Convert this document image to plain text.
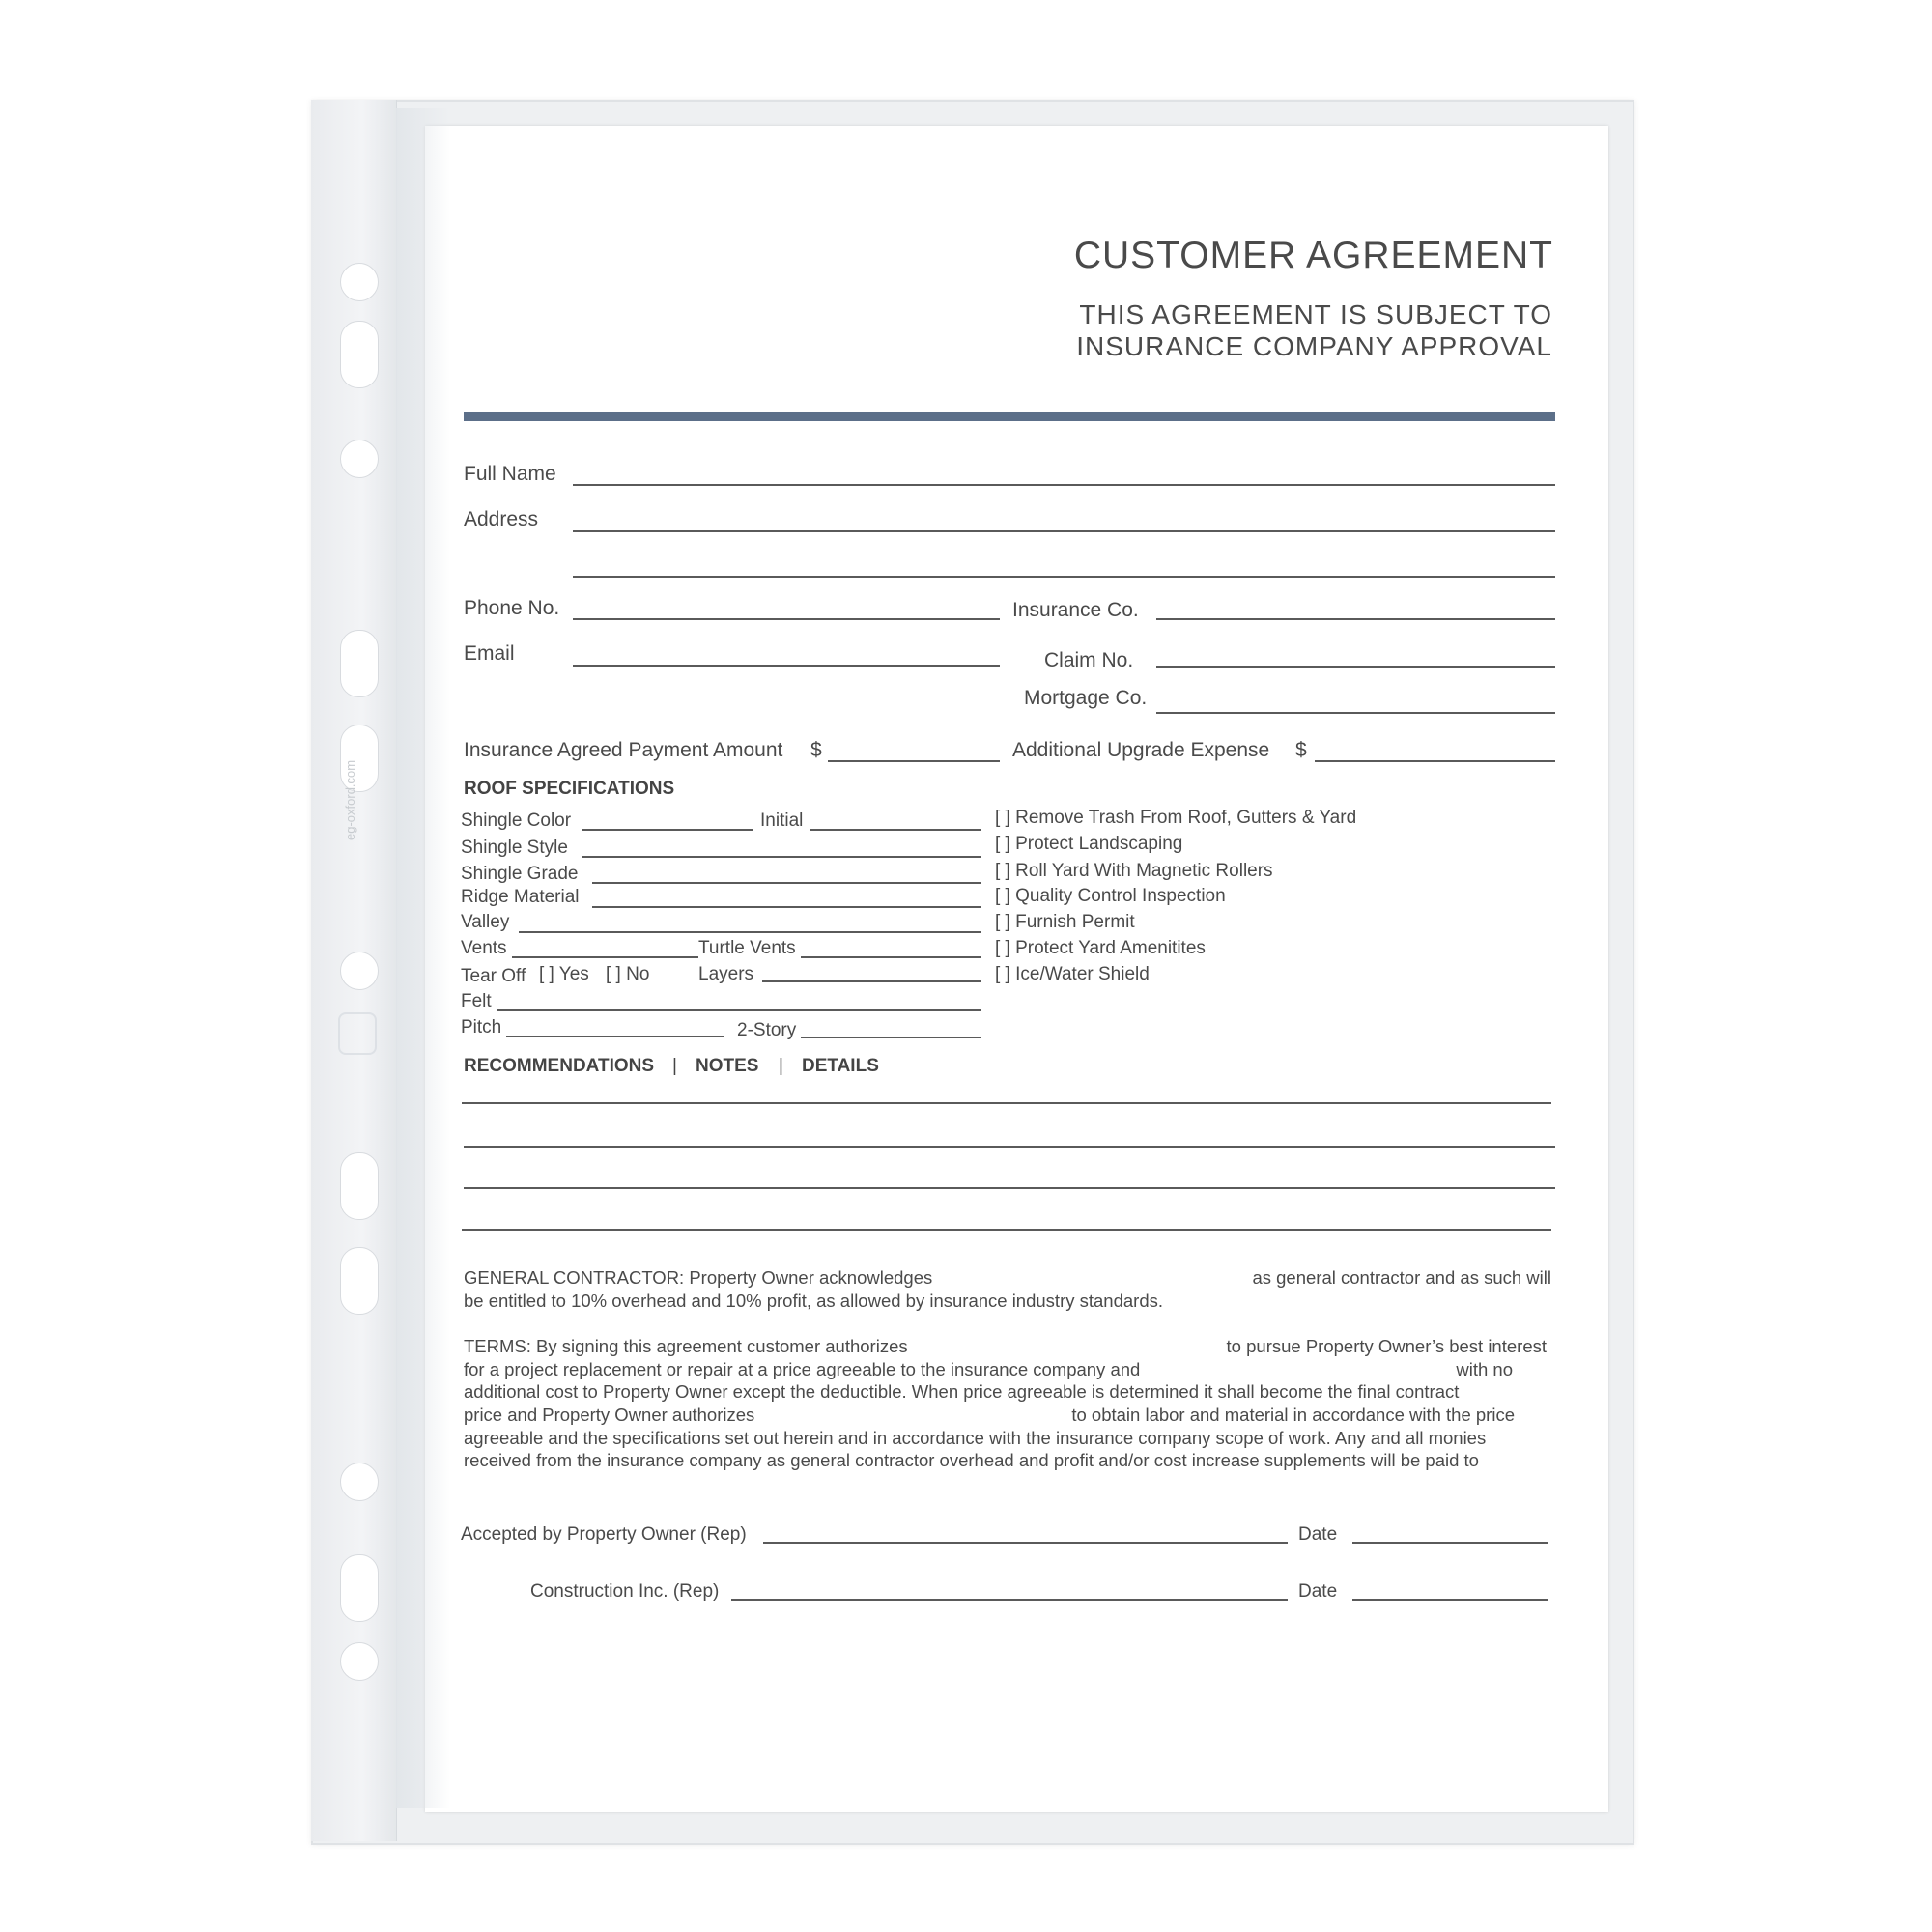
eg-oxford.com
CUSTOMER AGREEMENT
THIS AGREEMENT IS SUBJECT TO
INSURANCE COMPANY APPROVAL
Full Name
Address
Phone No.	Insurance Co.
Email	Claim No.
Mortgage Co.
Insurance Agreed Payment Amount $	Additional Upgrade Expense $
ROOF SPECIFICATIONS
Shingle Color	Initial
Shingle Style
Shingle Grade
Ridge Material
Valley
Vents	Turtle Vents
Tear Off [ ] Yes [ ] No	Layers
Felt
Pitch	2-Story
[ ] Remove Trash From Roof, Gutters & Yard
[ ] Protect Landscaping
[ ] Roll Yard With Magnetic Rollers
[ ] Quality Control Inspection
[ ] Furnish Permit
[ ] Protect Yard Amenitites
[ ] Ice/Water Shield
RECOMMENDATIONS | NOTES | DETAILS
GENERAL CONTRACTOR: Property Owner acknowledges	as general contractor and as such will
be entitled to 10% overhead and 10% profit, as allowed by insurance industry standards.
TERMS: By signing this agreement customer authorizes	to pursue Property Owner’s best interest
for a project replacement or repair at a price agreeable to the insurance company and	with no
additional cost to Property Owner except the deductible. When price agreeable is determined it shall become the final contract
price and Property Owner authorizes	to obtain labor and material in accordance with the price
agreeable and the specifications set out herein and in accordance with the insurance company scope of work. Any and all monies
received from the insurance company as general contractor overhead and profit and/or cost increase supplements will be paid to
Accepted by Property Owner (Rep)	Date
Construction Inc. (Rep)	Date
